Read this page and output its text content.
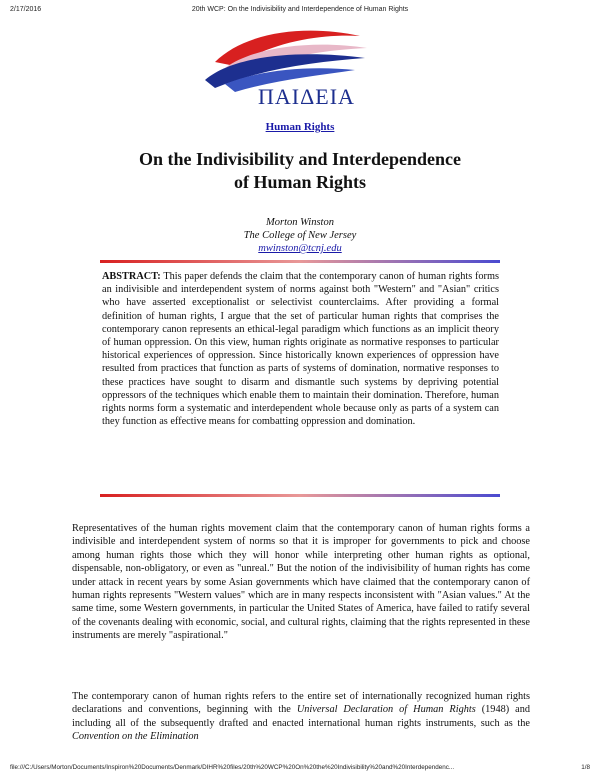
2/17/2016	20th WCP: On the Indivisibility and Interdependence of Human Rights
ΠΑΙΔΕΙΑ
Human Rights
On the Indivisibility and Interdependence
of Human Rights
Morton Winston
The College of New Jersey
mwinston@tcnj.edu

ABSTRACT: This paper defends the claim that the contemporary canon of human rights forms an indivisible and interdependent system of norms against both "Western" and "Asian" critics who have asserted exceptionalist or selectivist counterclaims. After providing a formal definition of human rights, I argue that the set of particular human rights that comprises the contemporary canon represents an ethical-legal paradigm which functions as an implicit theory of human oppression. On this view, human rights originate as normative responses to particular historical experiences of oppression. Since historically known experiences of oppression have resulted from practices that function as parts of systems of domination, normative responses to these practices have sought to disarm and dismantle such systems by depriving potential oppressors of the techniques which enable them to maintain their domination. Therefore, human rights norms form a systematic and interdependent whole because only as parts of a system can they function as effective means for combatting oppression and domination.

Representatives of the human rights movement claim that the contemporary canon of human rights forms a indivisible and interdependent system of norms so that it is improper for governments to pick and choose among human rights those which they will honor while interpreting other human rights as optional, dispensable, non-obligatory, or even as "unreal." But the notion of the indivisibility of human rights has come under attack in recent years by some Asian governments which have claimed that the contemporary canon of human rights represents "Western values" which are in many respects inconsistent with "Asian values." At the same time, some Western governments, in particular the United States of America, have failed to ratify several of the covenants dealing with economic, social, and cultural rights, claiming that the rights represented in these instruments are merely "aspirational."

The contemporary canon of human rights refers to the entire set of internationally recognized human rights declarations and conventions, beginning with the Universal Declaration of Human Rights (1948) and including all of the subsequently drafted and enacted international human rights instruments, such as the Convention on the Elimination

file:///C:/Users/Morton/Documents/Inspiron%20Documents/Denmark/DIHR%20files/20th%20WCP%20On%20the%20Indivisibility%20and%20Interdependenc...	1/8
